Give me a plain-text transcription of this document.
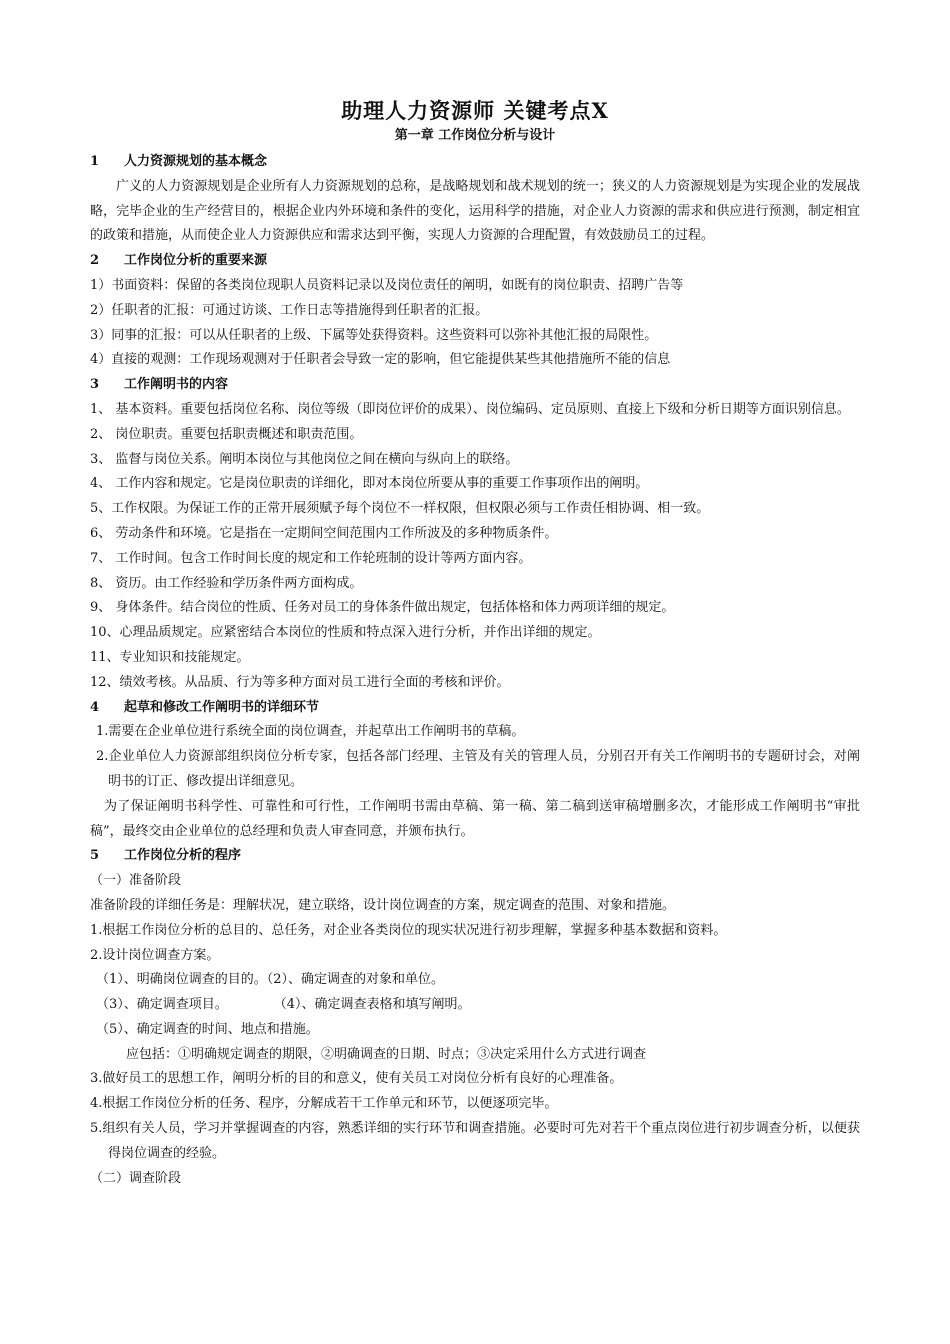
助理人力资源师 关键考点X
第一章 工作岗位分析与设计
1 人力资源规划的基本概念

广义的人力资源规划是企业所有人力资源规划的总称，是战略规划和战术规划的统一；狭义的人力资源规划是为实现企业的发展战略，完毕企业的生产经营目的，根据企业内外环境和条件的变化，运用科学的措施，对企业人力资源的需求和供应进行预测，制定相宜的政策和措施，从而使企业人力资源供应和需求达到平衡，实现人力资源的合理配置，有效鼓励员工的过程。

2 工作岗位分析的重要来源

1）书面资料：保留的各类岗位现职人员资料记录以及岗位责任的阐明，如既有的岗位职责、招聘广告等

2）任职者的汇报：可通过访谈、工作日志等措施得到任职者的汇报。

3）同事的汇报：可以从任职者的上级、下属等处获得资料。这些资料可以弥补其他汇报的局限性。

4）直接的观测：工作现场观测对于任职者会导致一定的影响，但它能提供某些其他措施所不能的信息

3 工作阐明书的内容

1、 基本资料。重要包括岗位名称、岗位等级（即岗位评价的成果）、岗位编码、定员原则、直接上下级和分析日期等方面识别信息。

2、 岗位职责。重要包括职责概述和职责范围。

3、 监督与岗位关系。阐明本岗位与其他岗位之间在横向与纵向上的联络。

4、 工作内容和规定。它是岗位职责的详细化，即对本岗位所要从事的重要工作事项作出的阐明。

5、工作权限。为保证工作的正常开展须赋予每个岗位不一样权限，但权限必须与工作责任相协调、相一致。

6、 劳动条件和环境。它是指在一定期间空间范围内工作所波及的多种物质条件。

7、 工作时间。包含工作时间长度的规定和工作轮班制的设计等两方面内容。

8、 资历。由工作经验和学历条件两方面构成。

9、 身体条件。结合岗位的性质、任务对员工的身体条件做出规定，包括体格和体力两项详细的规定。

10、心理品质规定。应紧密结合本岗位的性质和特点深入进行分析，并作出详细的规定。

11、专业知识和技能规定。

12、绩效考核。从品质、行为等多种方面对员工进行全面的考核和评价。

4 起草和修改工作阐明书的详细环节

1.需要在企业单位进行系统全面的岗位调查，并起草出工作阐明书的草稿。

2.企业单位人力资源部组织岗位分析专家，包括各部门经理、主管及有关的管理人员，分别召开有关工作阐明书的专题研讨会，对阐明书的订正、修改提出详细意见。

为了保证阐明书科学性、可靠性和可行性，工作阐明书需由草稿、第一稿、第二稿到送审稿增删多次，才能形成工作阐明书“审批稿”，最终交由企业单位的总经理和负责人审查同意，并颁布执行。

5 工作岗位分析的程序

（一）准备阶段

准备阶段的详细任务是：理解状况，建立联络，设计岗位调查的方案，规定调查的范围、对象和措施。

1.根据工作岗位分析的总目的、总任务，对企业各类岗位的现实状况进行初步理解，掌握多种基本数据和资料。

2.设计岗位调查方案。

（1）、明确岗位调查的目的。（2）、确定调查的对象和单位。

（3）、确定调查项目。	（4）、确定调查表格和填写阐明。

（5）、确定调查的时间、地点和措施。

应包括：①明确规定调查的期限，②明确调查的日期、时点；③决定采用什么方式进行调查

3.做好员工的思想工作，阐明分析的目的和意义，使有关员工对岗位分析有良好的心理准备。

4.根据工作岗位分析的任务、程序，分解成若干工作单元和环节，以便逐项完毕。

5.组织有关人员，学习并掌握调查的内容，熟悉详细的实行环节和调查措施。必要时可先对若干个重点岗位进行初步调查分析，以便获得岗位调查的经验。

（二）调查阶段
